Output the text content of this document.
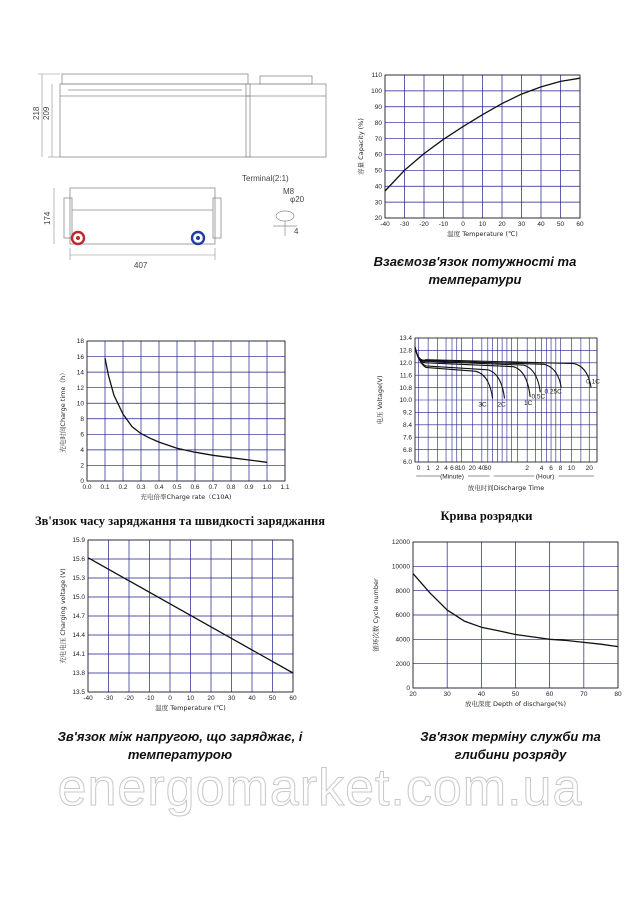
218 209
407
174
Terminal(2:1)
M8
φ20
4
-40 -30 -20 -10 0 10 20 30 40 50 60
20
30
40
50
60
70
80
90
100
110
温度 Temperature (℃)
容量 Capacity (%)
Взаємозв'язок потужності та температури
0.0 0.1 0.2 0.3 0.4 0.5 0.6 0.7 0.8 0.9 1.0 1.1
0
2
4
6
8
10
12
14
16
18
充电倍率Charge rate（C10A)
充电时间Charge time（h）
Зв'язок часу заряджання та швидкості заряджання
6.0
6.8
7.6
8.4
9.2
10.0
10.8
11.6
12.0
12.8
13.4
0 1 2 4 6 8 10 20 40
60	2 4 6 8 10 20
(Minute)	(Hour)
放电时间Discharge Time
电压 Voltage(V)	3C 2C	1C
0.5C
0.25C
0.1C
Крива розрядки
-40 -30 -20 -10 0 10 20 30 40 50 60
13.5
13.8
14.1
14.4
14.7
15.0
15.3
15.6
15.9
温度 Temperature (℃)
充电电压 Charging voltage (V)
Зв'язок між напругою, що заряджає, і температурою
20	30	40	50	60	70	80
0
2000
4000
6000
8000
10000
12000
放电深度 Depth of discharge(%)
循环次数 Cycle number
Зв'язок терміну служби та глибини розряду
energomarket.com.ua
